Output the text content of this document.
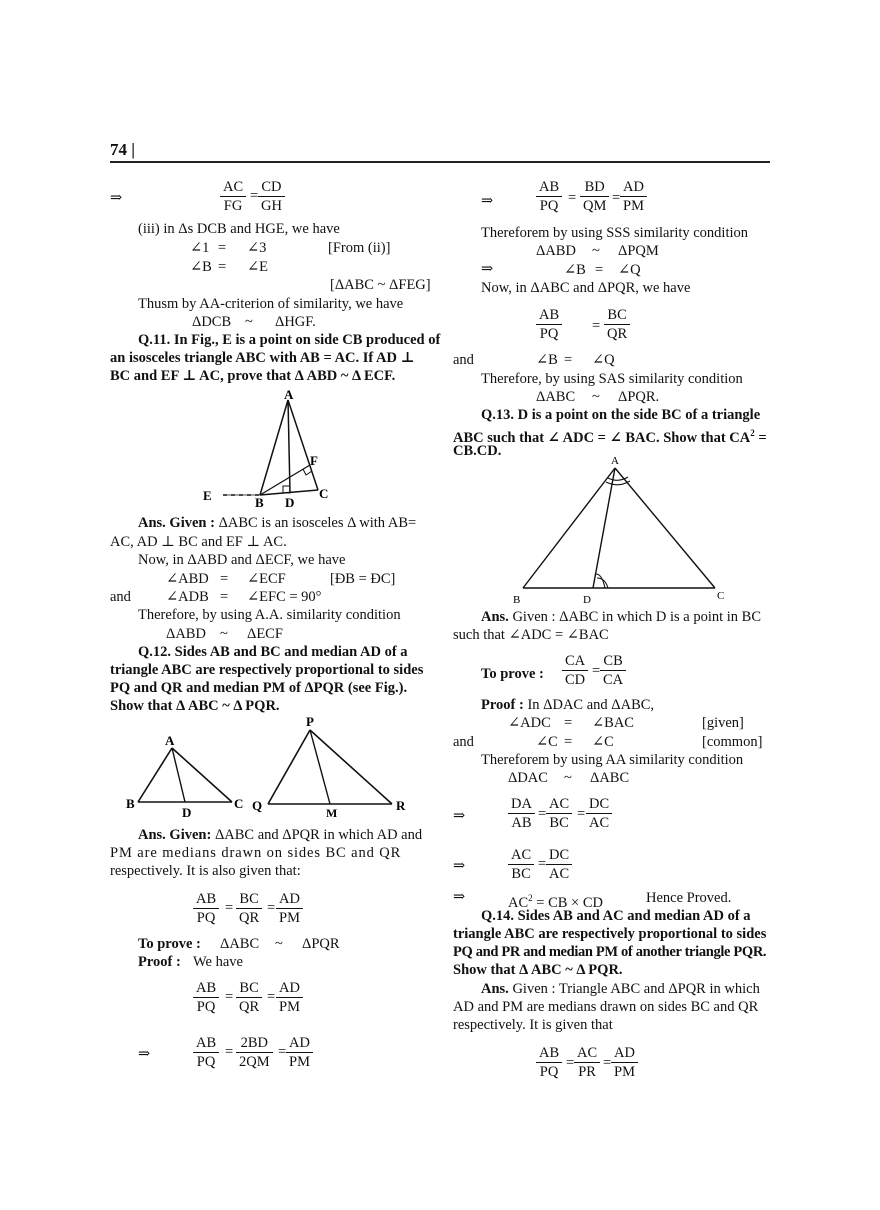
74 |
⇒	$\frac{AC}{FG} = \frac{CD}{GH}$
(iii) in Δs DCB and HGE, we have
∠1 = ∠3	[From (ii)]
∠B = ∠E
[ΔABC ~ ΔFEG]
Thusm by AA-criterion of similarity, we have
ΔDCB ~ ΔHGF.
Q.11. In Fig., E is a point on side CB produced of
an isosceles triangle ABC with AB = AC. If AD ⊥
BC and EF ⊥ AC, prove that Δ ABD ~ Δ ECF.
A
F
E	B D
C
Ans. Given : ΔABC is an isosceles Δ with AB=
AC, AD ⊥ BC and EF ⊥ AC.
Now, in ΔABD and ΔECF, we have
∠ABD = ∠ECF	[ÐB = ÐC]
and ∠ADB = ∠EFC = 90°
Therefore, by using A.A. similarity condition
ΔABD ~ ΔECF
Q.12. Sides AB and BC and median AD of a
triangle ABC are respectively proportional to sides
PQ and QR and median PM of ΔPQR (see Fig.).
Show that Δ ABC ~ Δ PQR.
A
B
D
C
P
Q	M	R
Ans. Given: ΔABC and ΔPQR in which AD and
PM are medians drawn on sides BC and QR
respectively. It is also given that:
$\frac{AB}{PQ} = \frac{BC}{QR} = \frac{AD}{PM}$
To prove : ΔABC ~ ΔPQR
Proof : We have
$\frac{AB}{PQ} = \frac{BC}{QR} = \frac{AD}{PM}$
⇒	$\frac{AB}{PQ} = \frac{2BD}{2QM} = \frac{AD}{PM}$
⇒	$\frac{AB}{PQ} = \frac{BD}{QM} = \frac{AD}{PM}$
Thereforem by using SSS similarity condition
ΔABD ~ ΔPQM
⇒	∠B = ∠Q
Now, in ΔABC and ΔPQR, we have
$\frac{AB}{PQ} = \frac{BC}{QR}$
and	∠B = ∠Q
Therefore, by using SAS similarity condition
ΔABC ~ ΔPQR.
Q.13. D is a point on the side BC of a triangle
ABC such that ∠ ADC = ∠ BAC. Show that $CA^2$ =
CB.CD.
A
B	D	C
Ans. Given : ΔABC in which D is a point in BC
such that ∠ADC = ∠BAC
To prove : $\frac{CA}{CD} = \frac{CB}{CA}$
Proof : In ΔDAC and ΔABC,
∠ADC = ∠BAC	[given]
and	∠C = ∠C	[common]
Thereforem by using AA similarity condition
ΔDAC ~ ΔABC
⇒	$\frac{DA}{AB} = \frac{AC}{BC} = \frac{DC}{AC}$
⇒	$\frac{AC}{BC} = \frac{DC}{AC}$
⇒	$AC^2$ = CB × CD	Hence Proved.
Q.14. Sides AB and AC and median AD of a
triangle ABC are respectively proportional to sides
PQ and PR and median PM of another triangle PQR.
Show that Δ ABC ~ Δ PQR.
Ans. Given : Triangle ABC and ΔPQR in which
AD and PM are medians drawn on sides BC and QR
respectively. It is given that
$\frac{AB}{PQ} = \frac{AC}{PR} = \frac{AD}{PM}$
